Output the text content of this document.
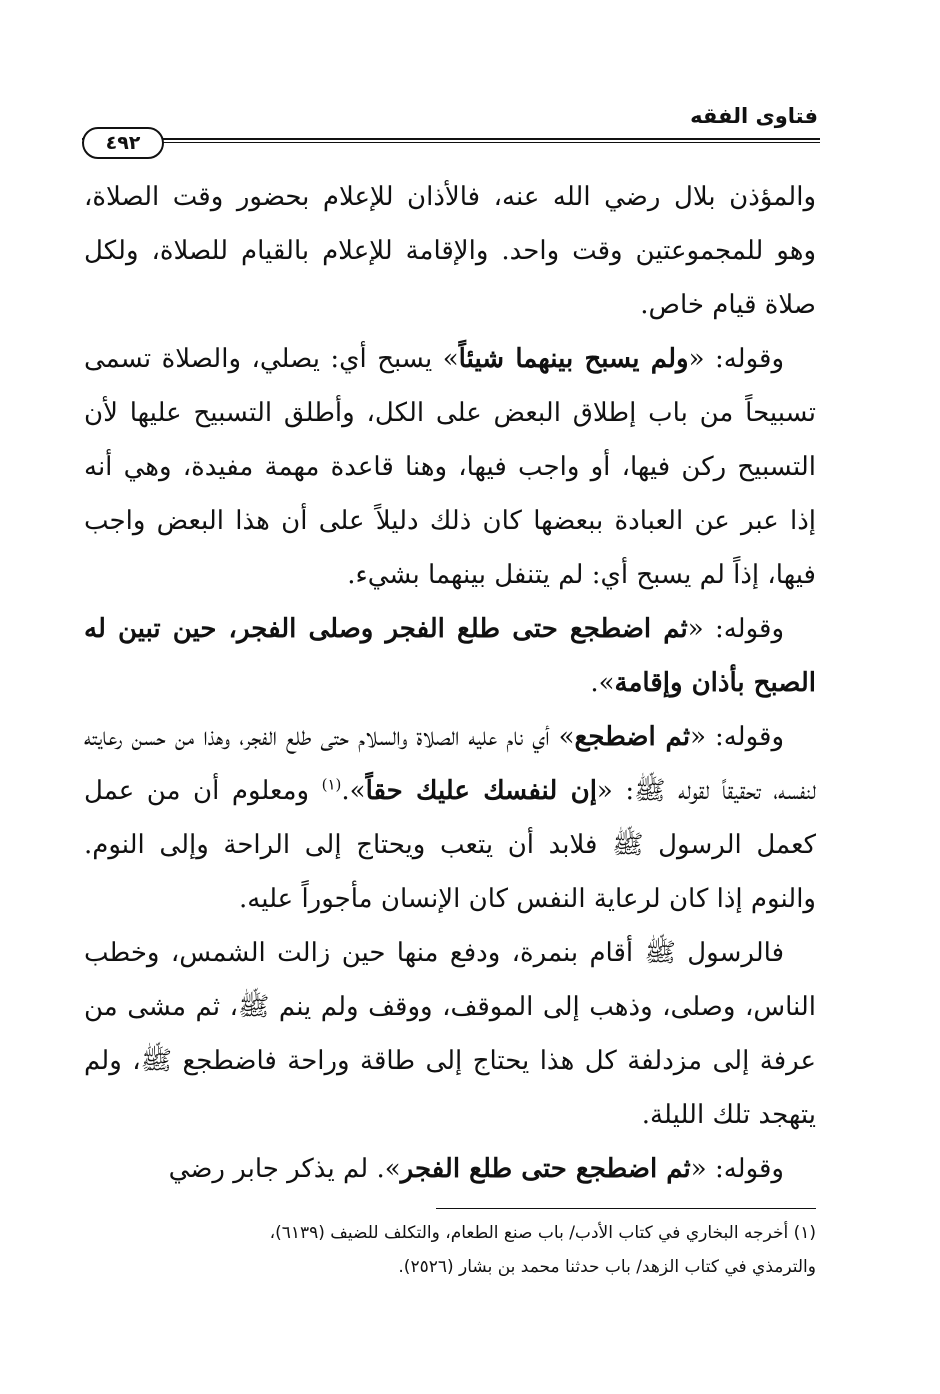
فتاوى الفقه
٤٩٢

والمؤذن بلال رضي الله عنه، فالأذان للإعلام بحضور وقت الصلاة، وهو للمجموعتين وقت واحد. والإقامة للإعلام بالقيام للصلاة، ولكل صلاة قيام خاص.

وقوله: «ولم يسبح بينهما شيئاً» يسبح أي: يصلي، والصلاة تسمى تسبيحاً من باب إطلاق البعض على الكل، وأطلق التسبيح عليها لأن التسبيح ركن فيها، أو واجب فيها، وهنا قاعدة مهمة مفيدة، وهي أنه إذا عبر عن العبادة ببعضها كان ذلك دليلاً على أن هذا البعض واجب فيها، إذاً لم يسبح أي: لم يتنفل بينهما بشيء.

وقوله: «ثم اضطجع حتى طلع الفجر وصلى الفجر، حين تبين له الصبح بأذان وإقامة».

وقوله: «ثم اضطجع» أي نام عليه الصلاة والسلام حتى طلع الفجر، وهذا من حسن رعايته لنفسه، تحقيقاً لقوله ﷺ: «إن لنفسك عليك حقاً».$^{(١)}$ ومعلوم أن من عمل كعمل الرسول ﷺ فلابد أن يتعب ويحتاج إلى الراحة وإلى النوم. والنوم إذا كان لرعاية النفس كان الإنسان مأجوراً عليه.

فالرسول ﷺ أقام بنمرة، ودفع منها حين زالت الشمس، وخطب الناس، وصلى، وذهب إلى الموقف، ووقف ولم ينم ﷺ، ثم مشى من عرفة إلى مزدلفة كل هذا يحتاج إلى طاقة وراحة فاضطجع ﷺ، ولم يتهجد تلك الليلة.

وقوله: «ثم اضطجع حتى طلع الفجر». لم يذكر جابر رضي

(١) أخرجه البخاري في كتاب الأدب/ باب صنع الطعام، والتكلف للضيف (٦١٣٩)،

والترمذي في كتاب الزهد/ باب حدثنا محمد بن بشار (٢٥٢٦).
